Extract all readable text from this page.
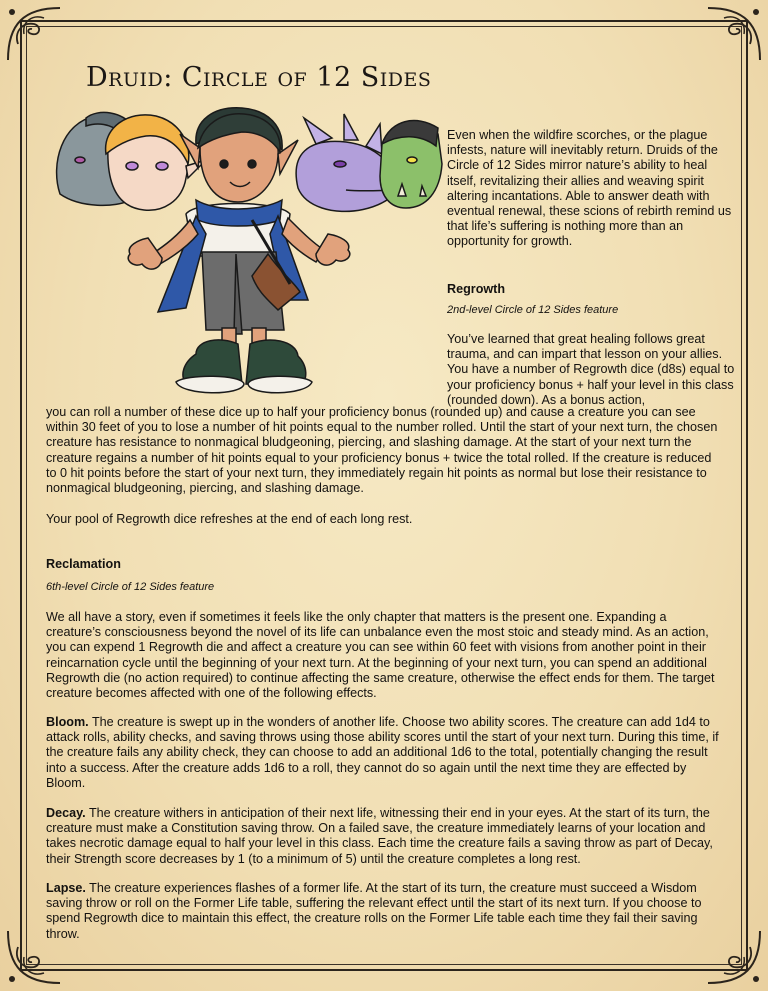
Druid: Circle of 12 Sides

Even when the wildfire scorches, or the plague infests, nature will inevitably return. Druids of the Circle of 12 Sides mirror nature’s ability to heal itself, revitalizing their allies and weaving spirit altering incantations. Able to answer death with eventual renewal, these scions of rebirth remind us that life’s suffering is nothing more than an opportunity for growth.

Regrowth
2nd-level Circle of 12 Sides feature

You’ve learned that great healing follows great trauma, and can impart that lesson on your allies. You have a number of Regrowth dice (d8s) equal to your proficiency bonus + half your level in this class (rounded down). As a bonus action,

you can roll a number of these dice up to half your proficiency bonus (rounded up) and cause a creature you can see within 30 feet of you to lose a number of hit points equal to the number rolled. Until the start of your next turn, the chosen creature has resistance to nonmagical bludgeoning, piercing, and slashing damage. At the start of your next turn the creature regains a number of hit points equal to your proficiency bonus + twice the total rolled. If the creature is reduced to 0 hit points before the start of your next turn, they immediately regain hit points as normal but lose their resistance to nonmagical bludgeoning, piercing, and slashing damage.

Your pool of Regrowth dice refreshes at the end of each long rest.

Reclamation
6th-level Circle of 12 Sides feature

We all have a story, even if sometimes it feels like the only chapter that matters is the present one. Expanding a creature’s consciousness beyond the novel of its life can unbalance even the most stoic and steady mind. As an action, you can expend 1 Regrowth die and affect a creature you can see within 60 feet with visions from another point in their reincarnation cycle until the beginning of your next turn. At the beginning of your next turn, you can spend an additional Regrowth die (no action required) to continue affecting the same creature, otherwise the effect ends for them. The target creature becomes affected with one of the following effects.

Bloom. The creature is swept up in the wonders of another life. Choose two ability scores. The creature can add 1d4 to attack rolls, ability checks, and saving throws using those ability scores until the start of your next turn. During this time, if the creature fails any ability check, they can choose to add an additional 1d6 to the total, potentially changing the result into a success. After the creature adds 1d6 to a roll, they cannot do so again until the next time they are effected by Bloom.

Decay. The creature withers in anticipation of their next life, witnessing their end in your eyes. At the start of its turn, the creature must make a Constitution saving throw. On a failed save, the creature immediately learns of your location and takes necrotic damage equal to half your level in this class. Each time the creature fails a saving throw as part of Decay, their Strength score decreases by 1 (to a minimum of 5) until the creature completes a long rest.

Lapse. The creature experiences flashes of a former life. At the start of its turn, the creature must succeed a Wisdom saving throw or roll on the Former Life table, suffering the relevant effect until the start of its next turn. If you choose to spend Regrowth dice to maintain this effect, the creature rolls on the Former Life table each time they fail their saving throw.
